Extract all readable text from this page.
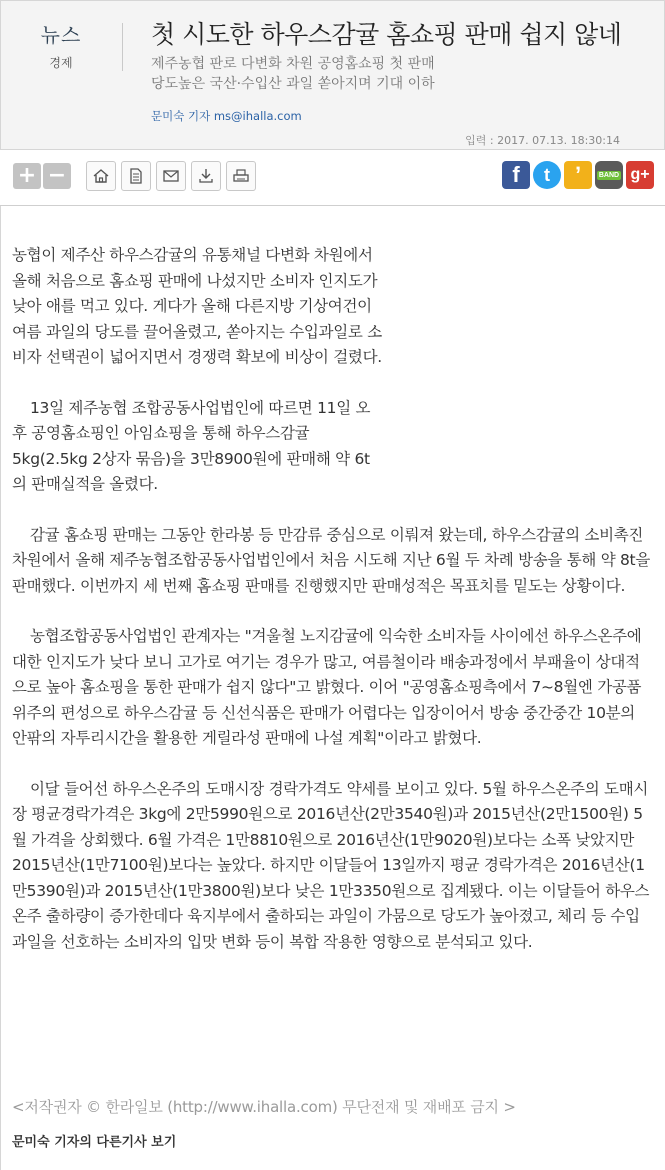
뉴스
경제
첫 시도한 하우스감귤 홈쇼핑 판매 쉽지 않네
제주농협 판로 다변화 차원 공영홈쇼핑 첫 판매
당도높은 국산·수입산 과일 쏟아지며 기대 이하
문미숙 기자 ms@ihalla.com
입력 : 2017. 07.13. 18:30:14
+ −	f t ʼ	BAND g+

농협이 제주산 하우스감귤의 유통채널 다변화 차원에서 올해 처음으로 홈쇼핑 판매에 나섰지만 소비자 인지도가 낮아 애를 먹고 있다. 게다가 올해 다른지방 기상여건이 여름 과일의 당도를 끌어올렸고, 쏟아지는 수입과일로 소비자 선택권이 넓어지면서 경쟁력 확보에 비상이 걸렸다.

13일 제주농협 조합공동사업법인에 따르면 11일 오후 공영홈쇼핑인 아임쇼핑을 통해 하우스감귤 5kg(2.5kg 2상자 묶음)을 3만8900원에 판매해 약 6t의 판매실적을 올렸다.

감귤 홈쇼핑 판매는 그동안 한라봉 등 만감류 중심으로 이뤄져 왔는데, 하우스감귤의 소비촉진 차원에서 올해 제주농협조합공동사업법인에서 처음 시도해 지난 6월 두 차례 방송을 통해 약 8t을 판매했다. 이번까지 세 번째 홈쇼핑 판매를 진행했지만 판매성적은 목표치를 밑도는 상황이다.

농협조합공동사업법인 관계자는 "겨울철 노지감귤에 익숙한 소비자들 사이에선 하우스온주에 대한 인지도가 낮다 보니 고가로 여기는 경우가 많고, 여름철이라 배송과정에서 부패율이 상대적으로 높아 홈쇼핑을 통한 판매가 쉽지 않다"고 밝혔다. 이어 "공영홈쇼핑측에서 7~8월엔 가공품 위주의 편성으로 하우스감귤 등 신선식품은 판매가 어렵다는 입장이어서 방송 중간중간 10분의 안팎의 자투리시간을 활용한 게릴라성 판매에 나설 계획"이라고 밝혔다.

이달 들어선 하우스온주의 도매시장 경락가격도 약세를 보이고 있다. 5월 하우스온주의 도매시장 평균경락가격은 3kg에 2만5990원으로 2016년산(2만3540원)과 2015년산(2만1500원) 5월 가격을 상회했다. 6월 가격은 1만8810원으로 2016년산(1만9020원)보다는 소폭 낮았지만 2015년산(1만7100원)보다는 높았다. 하지만 이달들어 13일까지 평균 경락가격은 2016년산(1만5390원)과 2015년산(1만3800원)보다 낮은 1만3350원으로 집계됐다. 이는 이달들어 하우스온주 출하량이 증가한데다 육지부에서 출하되는 과일이 가뭄으로 당도가 높아졌고, 체리 등 수입과일을 선호하는 소비자의 입맛 변화 등이 복합 작용한 영향으로 분석되고 있다.

<저작권자 © 한라일보 (http://www.ihalla.com) 무단전재 및 재배포 금지 >
문미숙 기자의 다른기사 보기
